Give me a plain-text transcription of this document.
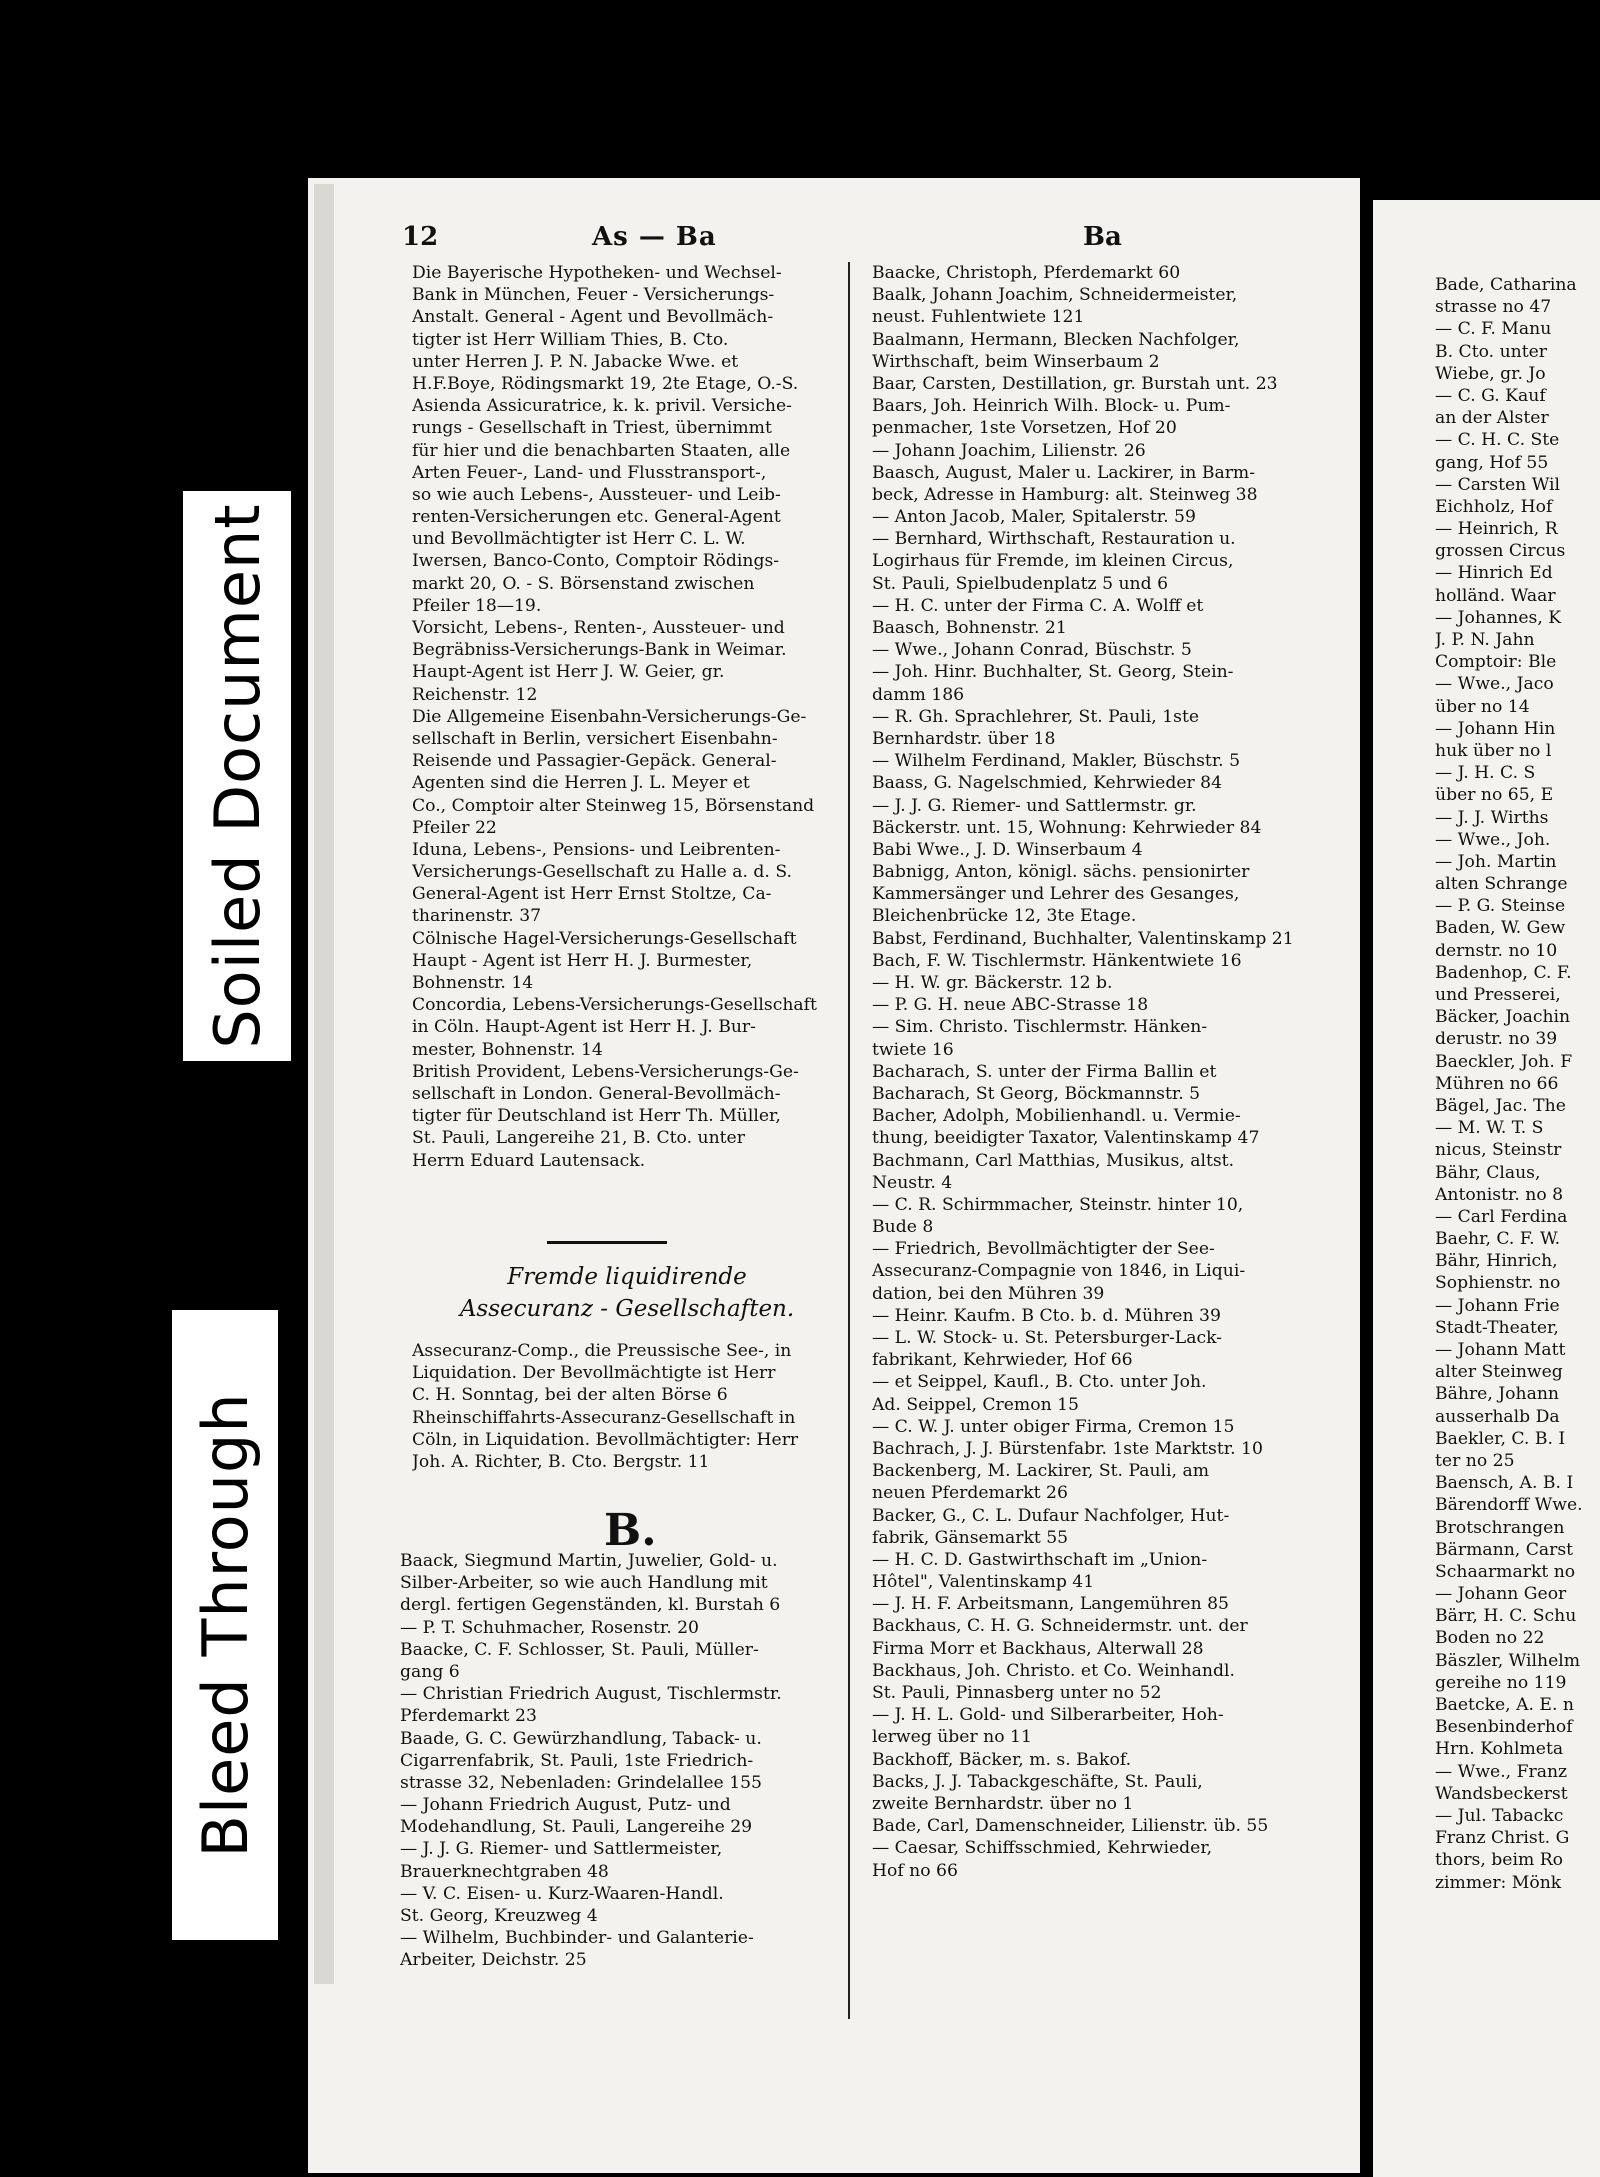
Soiled Document
Bleed Through
12	As — Ba	Ba
Die Bayerische Hypotheken- und Wechsel-
Bank in München, Feuer - Versicherungs-
Anstalt. General - Agent und Bevollmäch-
tigter ist Herr William Thies, B. Cto.
unter Herren J. P. N. Jabacke Wwe. et
H.F.Boye, Rödingsmarkt 19, 2te Etage, O.-S.
Asienda Assicuratrice, k. k. privil. Versiche-
rungs - Gesellschaft in Triest, übernimmt
für hier und die benachbarten Staaten, alle
Arten Feuer-, Land- und Flusstransport-,
so wie auch Lebens-, Aussteuer- und Leib-
renten-Versicherungen etc. General-Agent
und Bevollmächtigter ist Herr C. L. W.
Iwersen, Banco-Conto, Comptoir Rödings-
markt 20, O. - S. Börsenstand zwischen
Pfeiler 18—19.
Vorsicht, Lebens-, Renten-, Aussteuer- und
Begräbniss-Versicherungs-Bank in Weimar.
Haupt-Agent ist Herr J. W. Geier, gr.
Reichenstr. 12
Die Allgemeine Eisenbahn-Versicherungs-Ge-
sellschaft in Berlin, versichert Eisenbahn-
Reisende und Passagier-Gepäck. General-
Agenten sind die Herren J. L. Meyer et
Co., Comptoir alter Steinweg 15, Börsenstand
Pfeiler 22
Iduna, Lebens-, Pensions- und Leibrenten-
Versicherungs-Gesellschaft zu Halle a. d. S.
General-Agent ist Herr Ernst Stoltze, Ca-
tharinenstr. 37
Cölnische Hagel-Versicherungs-Gesellschaft
Haupt - Agent ist Herr H. J. Burmester,
Bohnenstr. 14
Concordia, Lebens-Versicherungs-Gesellschaft
in Cöln. Haupt-Agent ist Herr H. J. Bur-
mester, Bohnenstr. 14
British Provident, Lebens-Versicherungs-Ge-
sellschaft in London. General-Bevollmäch-
tigter für Deutschland ist Herr Th. Müller,
St. Pauli, Langereihe 21, B. Cto. unter
Herrn Eduard Lautensack.
Fremde liquidirende
Assecuranz - Gesellschaften.
Assecuranz-Comp., die Preussische See-, in
Liquidation. Der Bevollmächtigte ist Herr
C. H. Sonntag, bei der alten Börse 6
Rheinschiffahrts-Assecuranz-Gesellschaft in
Cöln, in Liquidation. Bevollmächtigter: Herr
Joh. A. Richter, B. Cto. Bergstr. 11
B.
Baack, Siegmund Martin, Juwelier, Gold- u.
Silber-Arbeiter, so wie auch Handlung mit
dergl. fertigen Gegenständen, kl. Burstah 6
— P. T. Schuhmacher, Rosenstr. 20
Baacke, C. F. Schlosser, St. Pauli, Müller-
gang 6
— Christian Friedrich August, Tischlermstr.
Pferdemarkt 23
Baade, G. C. Gewürzhandlung, Taback- u.
Cigarrenfabrik, St. Pauli, 1ste Friedrich-
strasse 32, Nebenladen: Grindelallee 155
— Johann Friedrich August, Putz- und
Modehandlung, St. Pauli, Langereihe 29
— J. J. G. Riemer- und Sattlermeister,
Brauerknechtgraben 48
— V. C. Eisen- u. Kurz-Waaren-Handl.
St. Georg, Kreuzweg 4
— Wilhelm, Buchbinder- und Galanterie-
Arbeiter, Deichstr. 25
Baacke, Christoph, Pferdemarkt 60
Baalk, Johann Joachim, Schneidermeister,
neust. Fuhlentwiete 121
Baalmann, Hermann, Blecken Nachfolger,
Wirthschaft, beim Winserbaum 2
Baar, Carsten, Destillation, gr. Burstah unt. 23
Baars, Joh. Heinrich Wilh. Block- u. Pum-
penmacher, 1ste Vorsetzen, Hof 20
— Johann Joachim, Lilienstr. 26
Baasch, August, Maler u. Lackirer, in Barm-
beck, Adresse in Hamburg: alt. Steinweg 38
— Anton Jacob, Maler, Spitalerstr. 59
— Bernhard, Wirthschaft, Restauration u.
Logirhaus für Fremde, im kleinen Circus,
St. Pauli, Spielbudenplatz 5 und 6
— H. C. unter der Firma C. A. Wolff et
Baasch, Bohnenstr. 21
— Wwe., Johann Conrad, Büschstr. 5
— Joh. Hinr. Buchhalter, St. Georg, Stein-
damm 186
— R. Gh. Sprachlehrer, St. Pauli, 1ste
Bernhardstr. über 18
— Wilhelm Ferdinand, Makler, Büschstr. 5
Baass, G. Nagelschmied, Kehrwieder 84
— J. J. G. Riemer- und Sattlermstr. gr.
Bäckerstr. unt. 15, Wohnung: Kehrwieder 84
Babi Wwe., J. D. Winserbaum 4
Babnigg, Anton, königl. sächs. pensionirter
Kammersänger und Lehrer des Gesanges,
Bleichenbrücke 12, 3te Etage.
Babst, Ferdinand, Buchhalter, Valentinskamp 21
Bach, F. W. Tischlermstr. Hänkentwiete 16
— H. W. gr. Bäckerstr. 12 b.
— P. G. H. neue ABC-Strasse 18
— Sim. Christo. Tischlermstr. Hänken-
twiete 16
Bacharach, S. unter der Firma Ballin et
Bacharach, St Georg, Böckmannstr. 5
Bacher, Adolph, Mobilienhandl. u. Vermie-
thung, beeidigter Taxator, Valentinskamp 47
Bachmann, Carl Matthias, Musikus, altst.
Neustr. 4
— C. R. Schirmmacher, Steinstr. hinter 10,
Bude 8
— Friedrich, Bevollmächtigter der See-
Assecuranz-Compagnie von 1846, in Liqui-
dation, bei den Mühren 39
— Heinr. Kaufm. B Cto. b. d. Mühren 39
— L. W. Stock- u. St. Petersburger-Lack-
fabrikant, Kehrwieder, Hof 66
— et Seippel, Kaufl., B. Cto. unter Joh.
Ad. Seippel, Cremon 15
— C. W. J. unter obiger Firma, Cremon 15
Bachrach, J. J. Bürstenfabr. 1ste Marktstr. 10
Backenberg, M. Lackirer, St. Pauli, am
neuen Pferdemarkt 26
Backer, G., C. L. Dufaur Nachfolger, Hut-
fabrik, Gänsemarkt 55
— H. C. D. Gastwirthschaft im „Union-
Hôtel", Valentinskamp 41
— J. H. F. Arbeitsmann, Langemühren 85
Backhaus, C. H. G. Schneidermstr. unt. der
Firma Morr et Backhaus, Alterwall 28
Backhaus, Joh. Christo. et Co. Weinhandl.
St. Pauli, Pinnasberg unter no 52
— J. H. L. Gold- und Silberarbeiter, Hoh-
lerweg über no 11
Backhoff, Bäcker, m. s. Bakof.
Backs, J. J. Tabackgeschäfte, St. Pauli,
zweite Bernhardstr. über no 1
Bade, Carl, Damenschneider, Lilienstr. üb. 55
— Caesar, Schiffsschmied, Kehrwieder,
Hof no 66
Bade, Catharina
strasse no 47
— C. F. Manu
B. Cto. unter
Wiebe, gr. Jo
— C. G. Kauf
an der Alster
— C. H. C. Ste
gang, Hof 55
— Carsten Wil
Eichholz, Hof
— Heinrich, R
grossen Circus
— Hinrich Ed
holländ. Waar
— Johannes, K
J. P. N. Jahn
Comptoir: Ble
— Wwe., Jaco
über no 14
— Johann Hin
huk über no l
— J. H. C. S
über no 65, E
— J. J. Wirths
— Wwe., Joh.
— Joh. Martin
alten Schrange
— P. G. Steinse
Baden, W. Gew
dernstr. no 10
Badenhop, C. F.
und Presserei,
Bäcker, Joachin
derustr. no 39
Baeckler, Joh. F
Mühren no 66
Bägel, Jac. The
— M. W. T. S
nicus, Steinstr
Bähr, Claus,
Antonistr. no 8
— Carl Ferdina
Baehr, C. F. W.
Bähr, Hinrich,
Sophienstr. no
— Johann Frie
Stadt-Theater,
— Johann Matt
alter Steinweg
Bähre, Johann
ausserhalb Da
Baekler, C. B. I
ter no 25
Baensch, A. B. I
Bärendorff Wwe.
Brotschrangen
Bärmann, Carst
Schaarmarkt no
— Johann Geor
Bärr, H. C. Schu
Boden no 22
Bäszler, Wilhelm
gereihe no 119
Baetcke, A. E. n
Besenbinderhof
Hrn. Kohlmeta
— Wwe., Franz
Wandsbeckerst
— Jul. Tabackc
Franz Christ. G
thors, beim Ro
zimmer: Mönk
